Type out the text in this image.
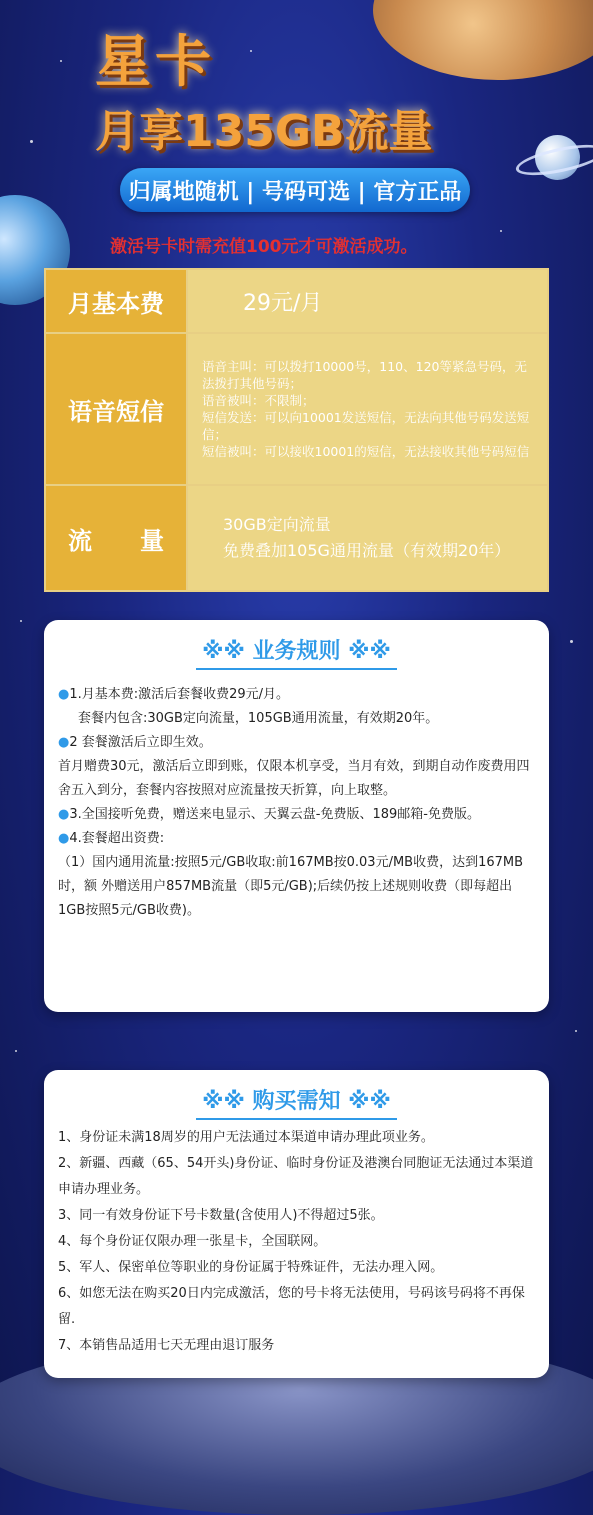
星卡
月享135GB流量
归属地随机 | 号码可选 | 官方正品
激活号卡时需充值100元才可激活成功。
月基本费	29元/月
语音短信	语音主叫：可以拨打10000号，110、120等紧急号码，无法拨打其他号码；
语音被叫：不限制；
短信发送：可以向10001发送短信，无法向其他号码发送短信；
短信被叫：可以接收10001的短信，无法接收其他号码短信

流　　量	30GB定向流量
免费叠加105G通用流量（有效期20年）
※※ 业务规则 ※※
●1.月基本费:激活后套餐收费29元/月。
套餐内包含:30GB定向流量，105GB通用流量，有效期20年。
●2 套餐激活后立即生效。
首月赠费30元，激活后立即到账，仅限本机享受，当月有效，到期自动作废费用四舍五入到分，套餐内容按照对应流量按天折算，向上取整。
●3.全国接听免费，赠送来电显示、天翼云盘-免费版、189邮箱-免费版。
●4.套餐超出资费:
（1）国内通用流量:按照5元/GB收取:前167MB按0.03元/MB收费，达到167MB时，额 外赠送用户857MB流量（即5元/GB);后续仍按上述规则收费（即每超出1GB按照5元/GB收费)。
※※ 购买需知 ※※
1、身份证未满18周岁的用户无法通过本渠道申请办理此项业务。
2、新疆、西藏（65、54开头)身份证、临时身份证及港澳台同胞证无法通过本渠道申请办理业务。
3、同一有效身份证下号卡数量(含使用人)不得超过5张。
4、每个身份证仅限办理一张星卡，全国联网。
5、军人、保密单位等职业的身份证属于特殊证件，无法办理入网。
6、如您无法在购买20日内完成激活，您的号卡将无法使用，号码该号码将不再保留.
7、本销售品适用七天无理由退订服务
